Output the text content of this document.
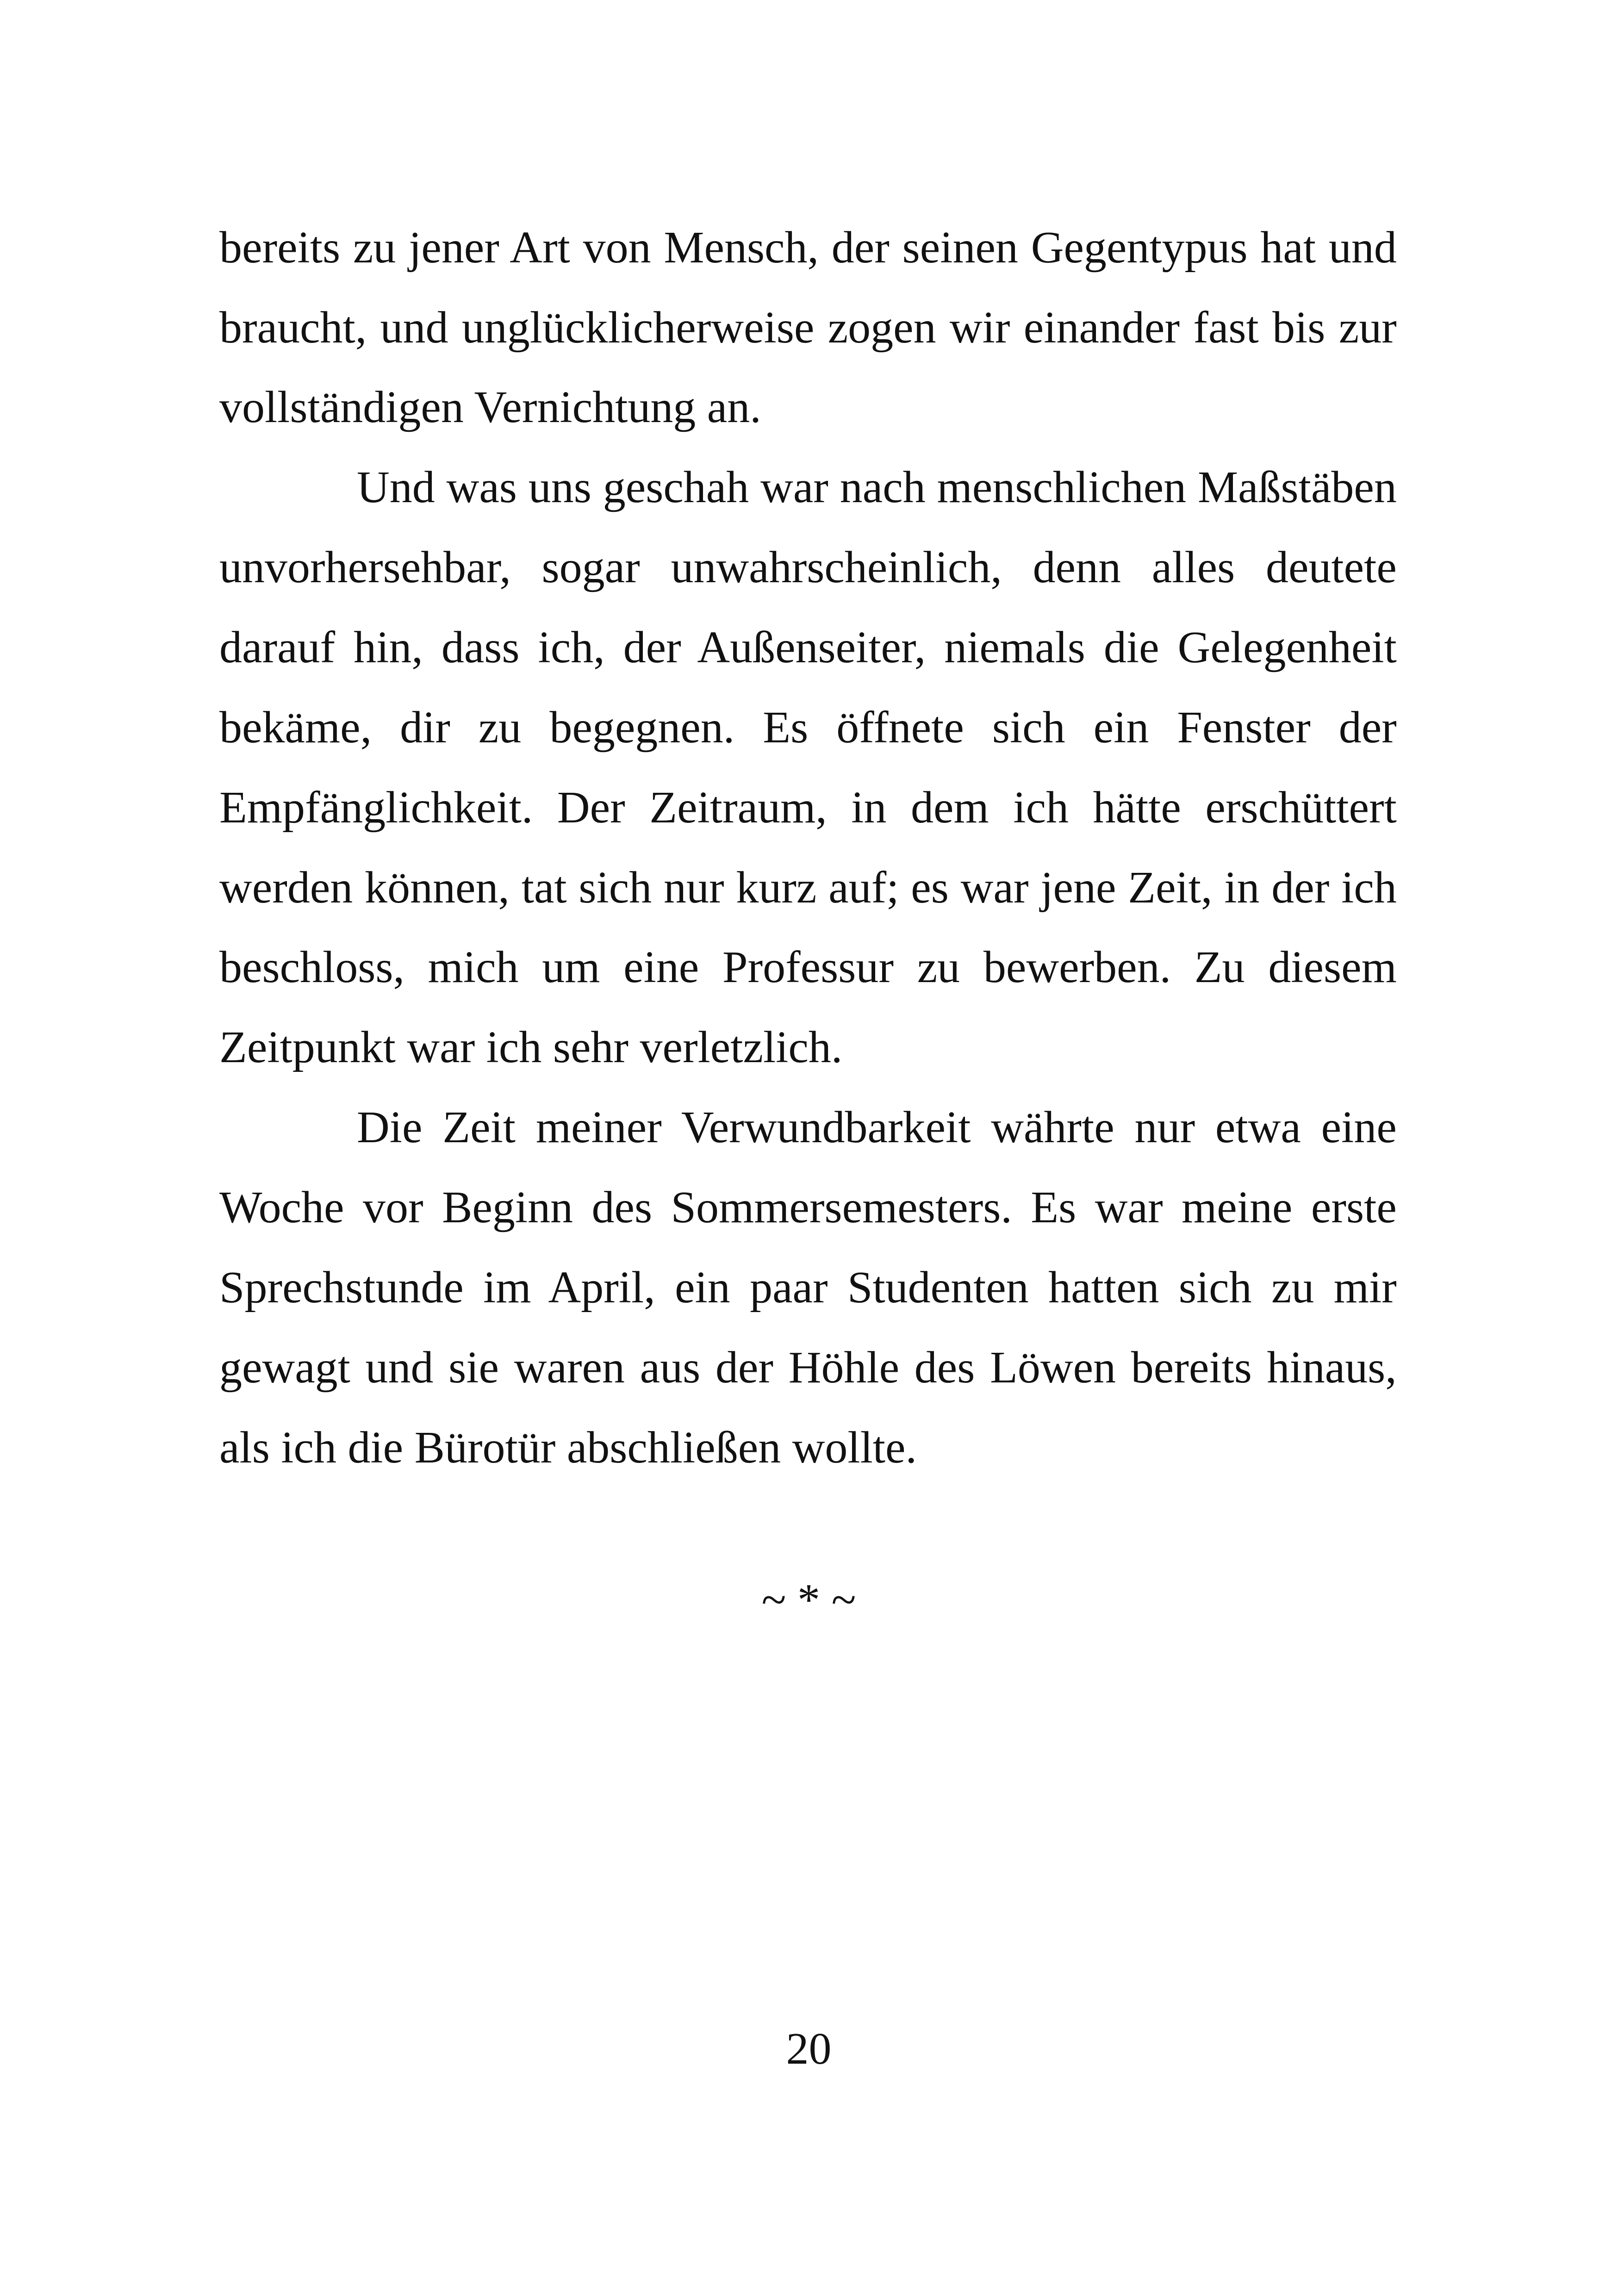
bereits zu jener Art von Mensch, der seinen Gegentypus hat und braucht, und unglücklicherweise zogen wir einander fast bis zur vollständigen Vernichtung an.

Und was uns geschah war nach menschlichen Maßstäben unvorhersehbar, sogar unwahrscheinlich, denn alles deutete darauf hin, dass ich, der Außenseiter, niemals die Gelegenheit bekäme, dir zu begegnen. Es öffnete sich ein Fenster der Empfänglichkeit. Der Zeitraum, in dem ich hätte erschüttert werden können, tat sich nur kurz auf; es war jene Zeit, in der ich beschloss, mich um eine Professur zu bewerben. Zu diesem Zeitpunkt war ich sehr verletzlich.

Die Zeit meiner Verwundbarkeit währte nur etwa eine Woche vor Beginn des Sommersemesters. Es war meine erste Sprechstunde im April, ein paar Studenten hatten sich zu mir gewagt und sie waren aus der Höhle des Löwen bereits hinaus, als ich die Bürotür abschließen wollte.

~ * ~
20
